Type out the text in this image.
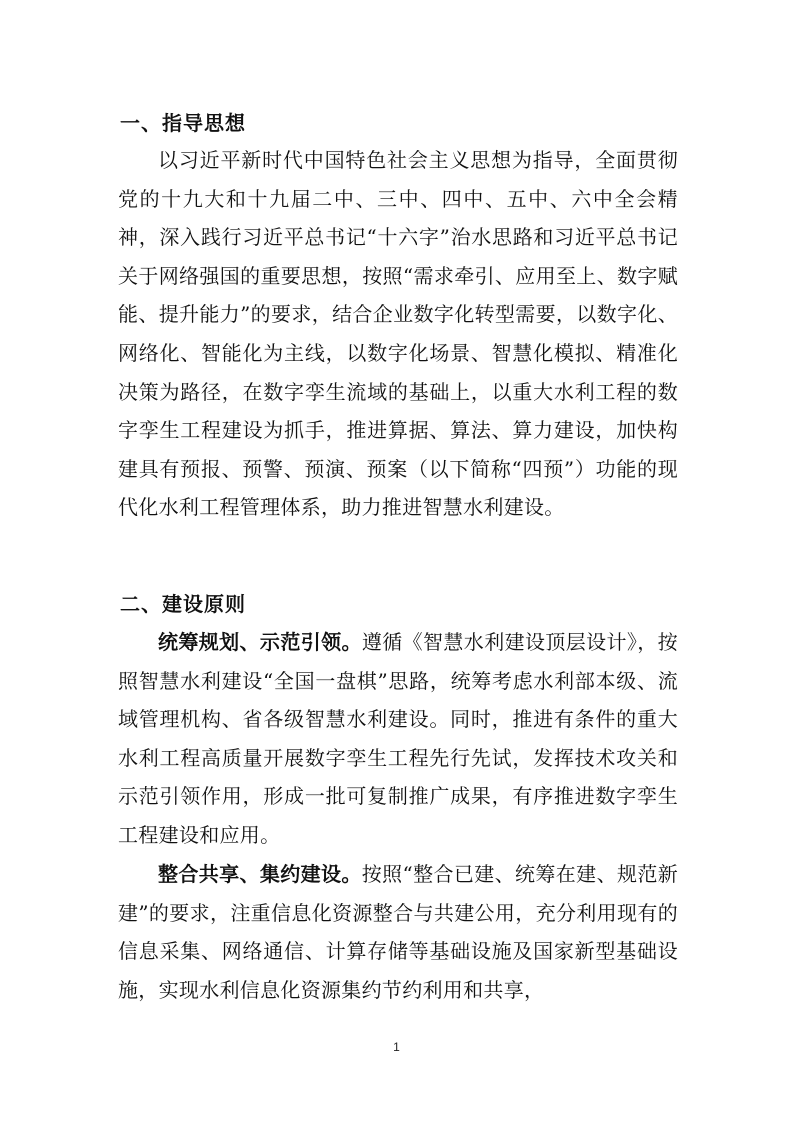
一、指导思想

以习近平新时代中国特色社会主义思想为指导，全面贯彻党的十九大和十九届二中、三中、四中、五中、六中全会精神，深入践行习近平总书记“十六字”治水思路和习近平总书记关于网络强国的重要思想，按照“需求牵引、应用至上、数字赋能、提升能力”的要求，结合企业数字化转型需要，以数字化、网络化、智能化为主线，以数字化场景、智慧化模拟、精准化决策为路径，在数字孪生流域的基础上，以重大水利工程的数字孪生工程建设为抓手，推进算据、算法、算力建设，加快构建具有预报、预警、预演、预案（以下简称“四预”）功能的现代化水利工程管理体系，助力推进智慧水利建设。

二、建设原则

统筹规划、示范引领。遵循《智慧水利建设顶层设计》，按照智慧水利建设“全国一盘棋”思路，统筹考虑水利部本级、流域管理机构、省各级智慧水利建设。同时，推进有条件的重大水利工程高质量开展数字孪生工程先行先试，发挥技术攻关和示范引领作用，形成一批可复制推广成果，有序推进数字孪生工程建设和应用。

整合共享、集约建设。按照“整合已建、统筹在建、规范新建”的要求，注重信息化资源整合与共建公用，充分利用现有的信息采集、网络通信、计算存储等基础设施及国家新型基础设施，实现水利信息化资源集约节约利用和共享，

1
